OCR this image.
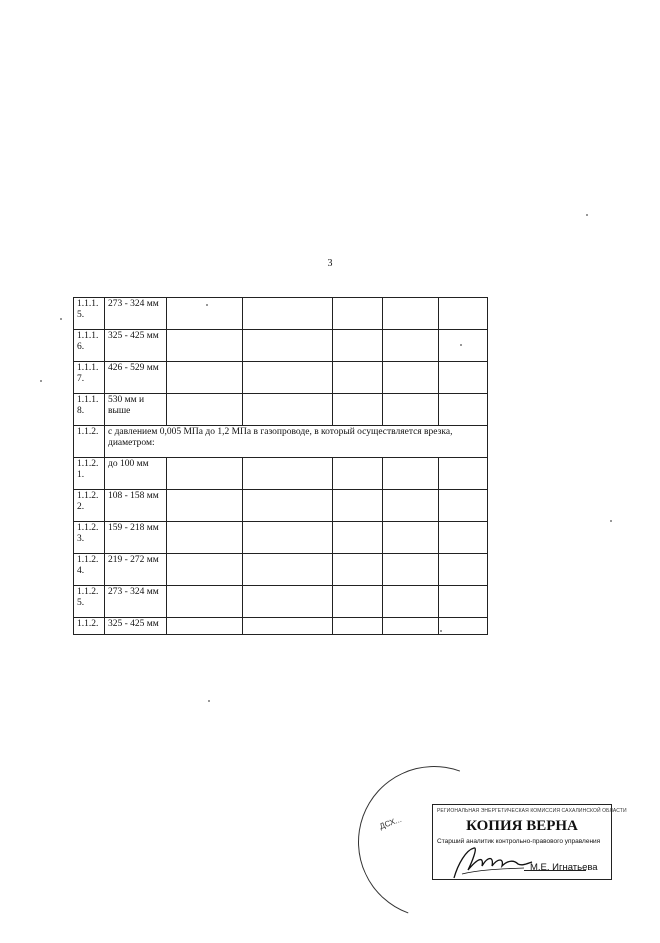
3
1.1.1.
5.	273 - 324 мм					
1.1.1.
6.	325 - 425 мм					
1.1.1.
7.	426 - 529 мм					
1.1.1.
8.	530 мм и
выше					
1.1.2.	с давлением 0,005 МПа до 1,2 МПа в газопроводе, в который осуществляется врезка, диаметром:					
1.1.2.
1.	до 100 мм					
1.1.2.
2.	108 - 158 мм					
1.1.2.
3.	159 - 218 мм					
1.1.2.
4.	219 - 272 мм					
1.1.2.
5.	273 - 324 мм					
1.1.2.	325 - 425 мм					
ДСХ...
РЕГИОНАЛЬНАЯ ЭНЕРГЕТИЧЕСКАЯ КОМИССИЯ САХАЛИНСКОЙ ОБЛАСТИ
КОПИЯ ВЕРНА
Старший аналитик контрольно-правового управления
М.Е. Игнатьева
